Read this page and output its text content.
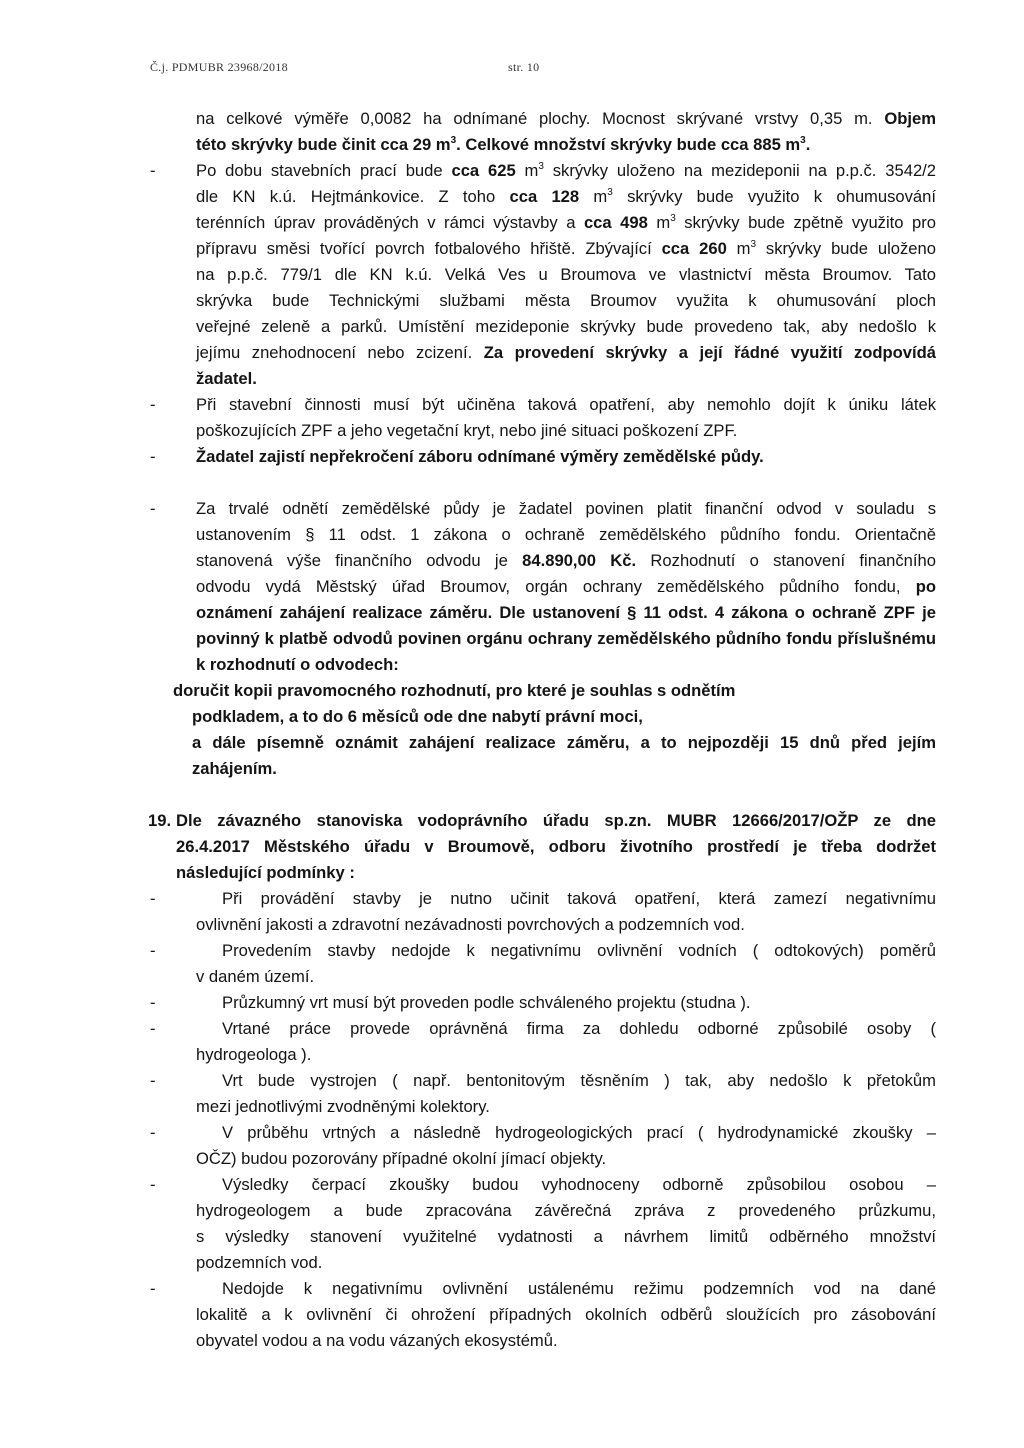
Č.j. PDMUBR 23968/2018	str. 10
na celkové výměře 0,0082 ha odnímané plochy. Mocnost skrývané vrstvy 0,35 m. Objem
této skrývky bude činit cca 29 $m^3$. Celkové množství skrývky bude cca 885 $m^3$.
- Po dobu stavebních prací bude cca 625 $m^3$ skrývky uloženo na mezideponii na p.p.č. 3542/2
dle KN k.ú. Hejtmánkovice. Z toho cca 128 $m^3$ skrývky bude využito k ohumusování
terénních úprav prováděných v rámci výstavby a cca 498 $m^3$ skrývky bude zpětně využito pro
přípravu směsi tvořící povrch fotbalového hřiště. Zbývající cca 260 $m^3$ skrývky bude uloženo
na p.p.č. 779/1 dle KN k.ú. Velká Ves u Broumova ve vlastnictví města Broumov. Tato
skrývka bude Technickými službami města Broumov využita k ohumusování ploch
veřejné zeleně a parků. Umístění mezideponie skrývky bude provedeno tak, aby nedošlo k
jejímu znehodnocení nebo zcizení. Za provedení skrývky a její řádné využití zodpovídá
žadatel.
- Při stavební činnosti musí být učiněna taková opatření, aby nemohlo dojít k úniku látek
poškozujících ZPF a jeho vegetační kryt, nebo jiné situaci poškození ZPF.
- Žadatel zajistí nepřekročení záboru odnímané výměry zemědělské půdy.
- Za trvalé odnětí zemědělské půdy je žadatel povinen platit finanční odvod v souladu s
ustanovením § 11 odst. 1 zákona o ochraně zemědělského půdního fondu. Orientačně
stanovená výše finančního odvodu je 84.890,00 Kč. Rozhodnutí o stanovení finančního
odvodu vydá Městský úřad Broumov, orgán ochrany zemědělského půdního fondu, po
oznámení zahájení realizace záměru. Dle ustanovení § 11 odst. 4 zákona o ochraně ZPF je
povinný k platbě odvodů povinen orgánu ochrany zemědělského půdního fondu příslušnému
k rozhodnutí o odvodech:
doručit kopii pravomocného rozhodnutí, pro které je souhlas s odnětím
podkladem, a to do 6 měsíců ode dne nabytí právní moci,
a dále písemně oznámit zahájení realizace záměru, a to nejpozději 15 dnů před jejím
zahájením.
19. Dle závazného stanoviska vodoprávního úřadu sp.zn. MUBR 12666/2017/OŽP ze dne
26.4.2017 Městského úřadu v Broumově, odboru životního prostředí je třeba dodržet
následující podmínky :
-	Při provádění stavby je nutno učinit taková opatření, která zamezí negativnímu
ovlivnění jakosti a zdravotní nezávadnosti povrchových a podzemních vod.
-	Provedením stavby nedojde k negativnímu ovlivnění vodních ( odtokových) poměrů
v daném území.
-	Průzkumný vrt musí být proveden podle schváleného projektu (studna ).
-	Vrtané práce provede oprávněná firma za dohledu odborné způsobilé osoby (
hydrogeologa ).
-	Vrt bude vystrojen ( např. bentonitovým těsněním ) tak, aby nedošlo k přetokům
mezi jednotlivými zvodněnými kolektory.
-	V průběhu vrtných a následně hydrogeologických prací ( hydrodynamické zkoušky –
OČZ) budou pozorovány případné okolní jímací objekty.
-	Výsledky čerpací zkoušky budou vyhodnoceny odborně způsobilou osobou –
hydrogeologem a bude zpracována závěrečná zpráva z provedeného průzkumu,
s výsledky stanovení využitelné vydatnosti a návrhem limitů odběrného množství
podzemních vod.
-	Nedojde k negativnímu ovlivnění ustálenému režimu podzemních vod na dané
lokalitě a k ovlivnění či ohrožení případných okolních odběrů sloužících pro zásobování
obyvatel vodou a na vodu vázaných ekosystémů.
